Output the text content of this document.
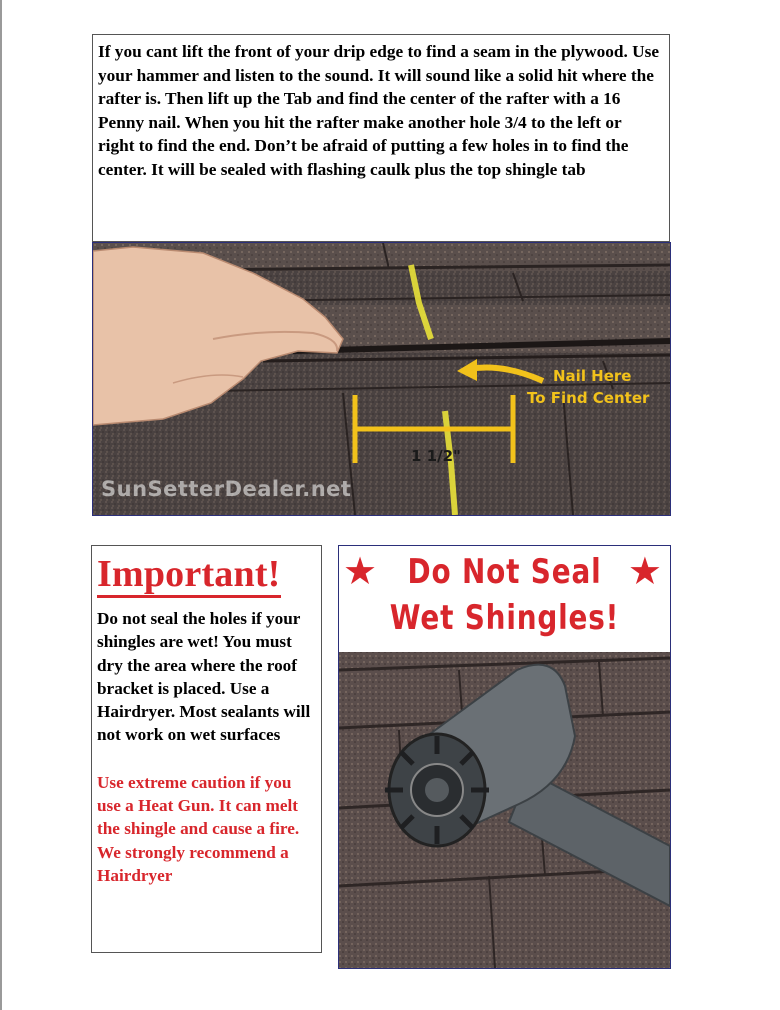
If you cant lift the front of your drip edge to find a seam in the plywood. Use your hammer and listen to the sound. It will sound like a solid hit where the rafter is. Then lift up the Tab and find the center of the rafter with a 16 Penny nail. When you hit the rafter make another hole 3/4 to the left or right to find the end. Don’t be afraid of putting a few holes in to find the center. It will be sealed with flashing caulk plus the top shingle tab

Nail Here
To Find Center
1 1/2"
SunSetterDealer.net
Important!

Do not seal the holes if your shingles are wet! You must dry the area where the roof bracket is placed. Use a Hairdryer. Most sealants will not work on wet surfaces

Use extreme caution if you use a Heat Gun. It can melt the shingle and cause a fire. We strongly recommend a Hairdryer

★	★
Do Not Seal
Wet Shingles!
